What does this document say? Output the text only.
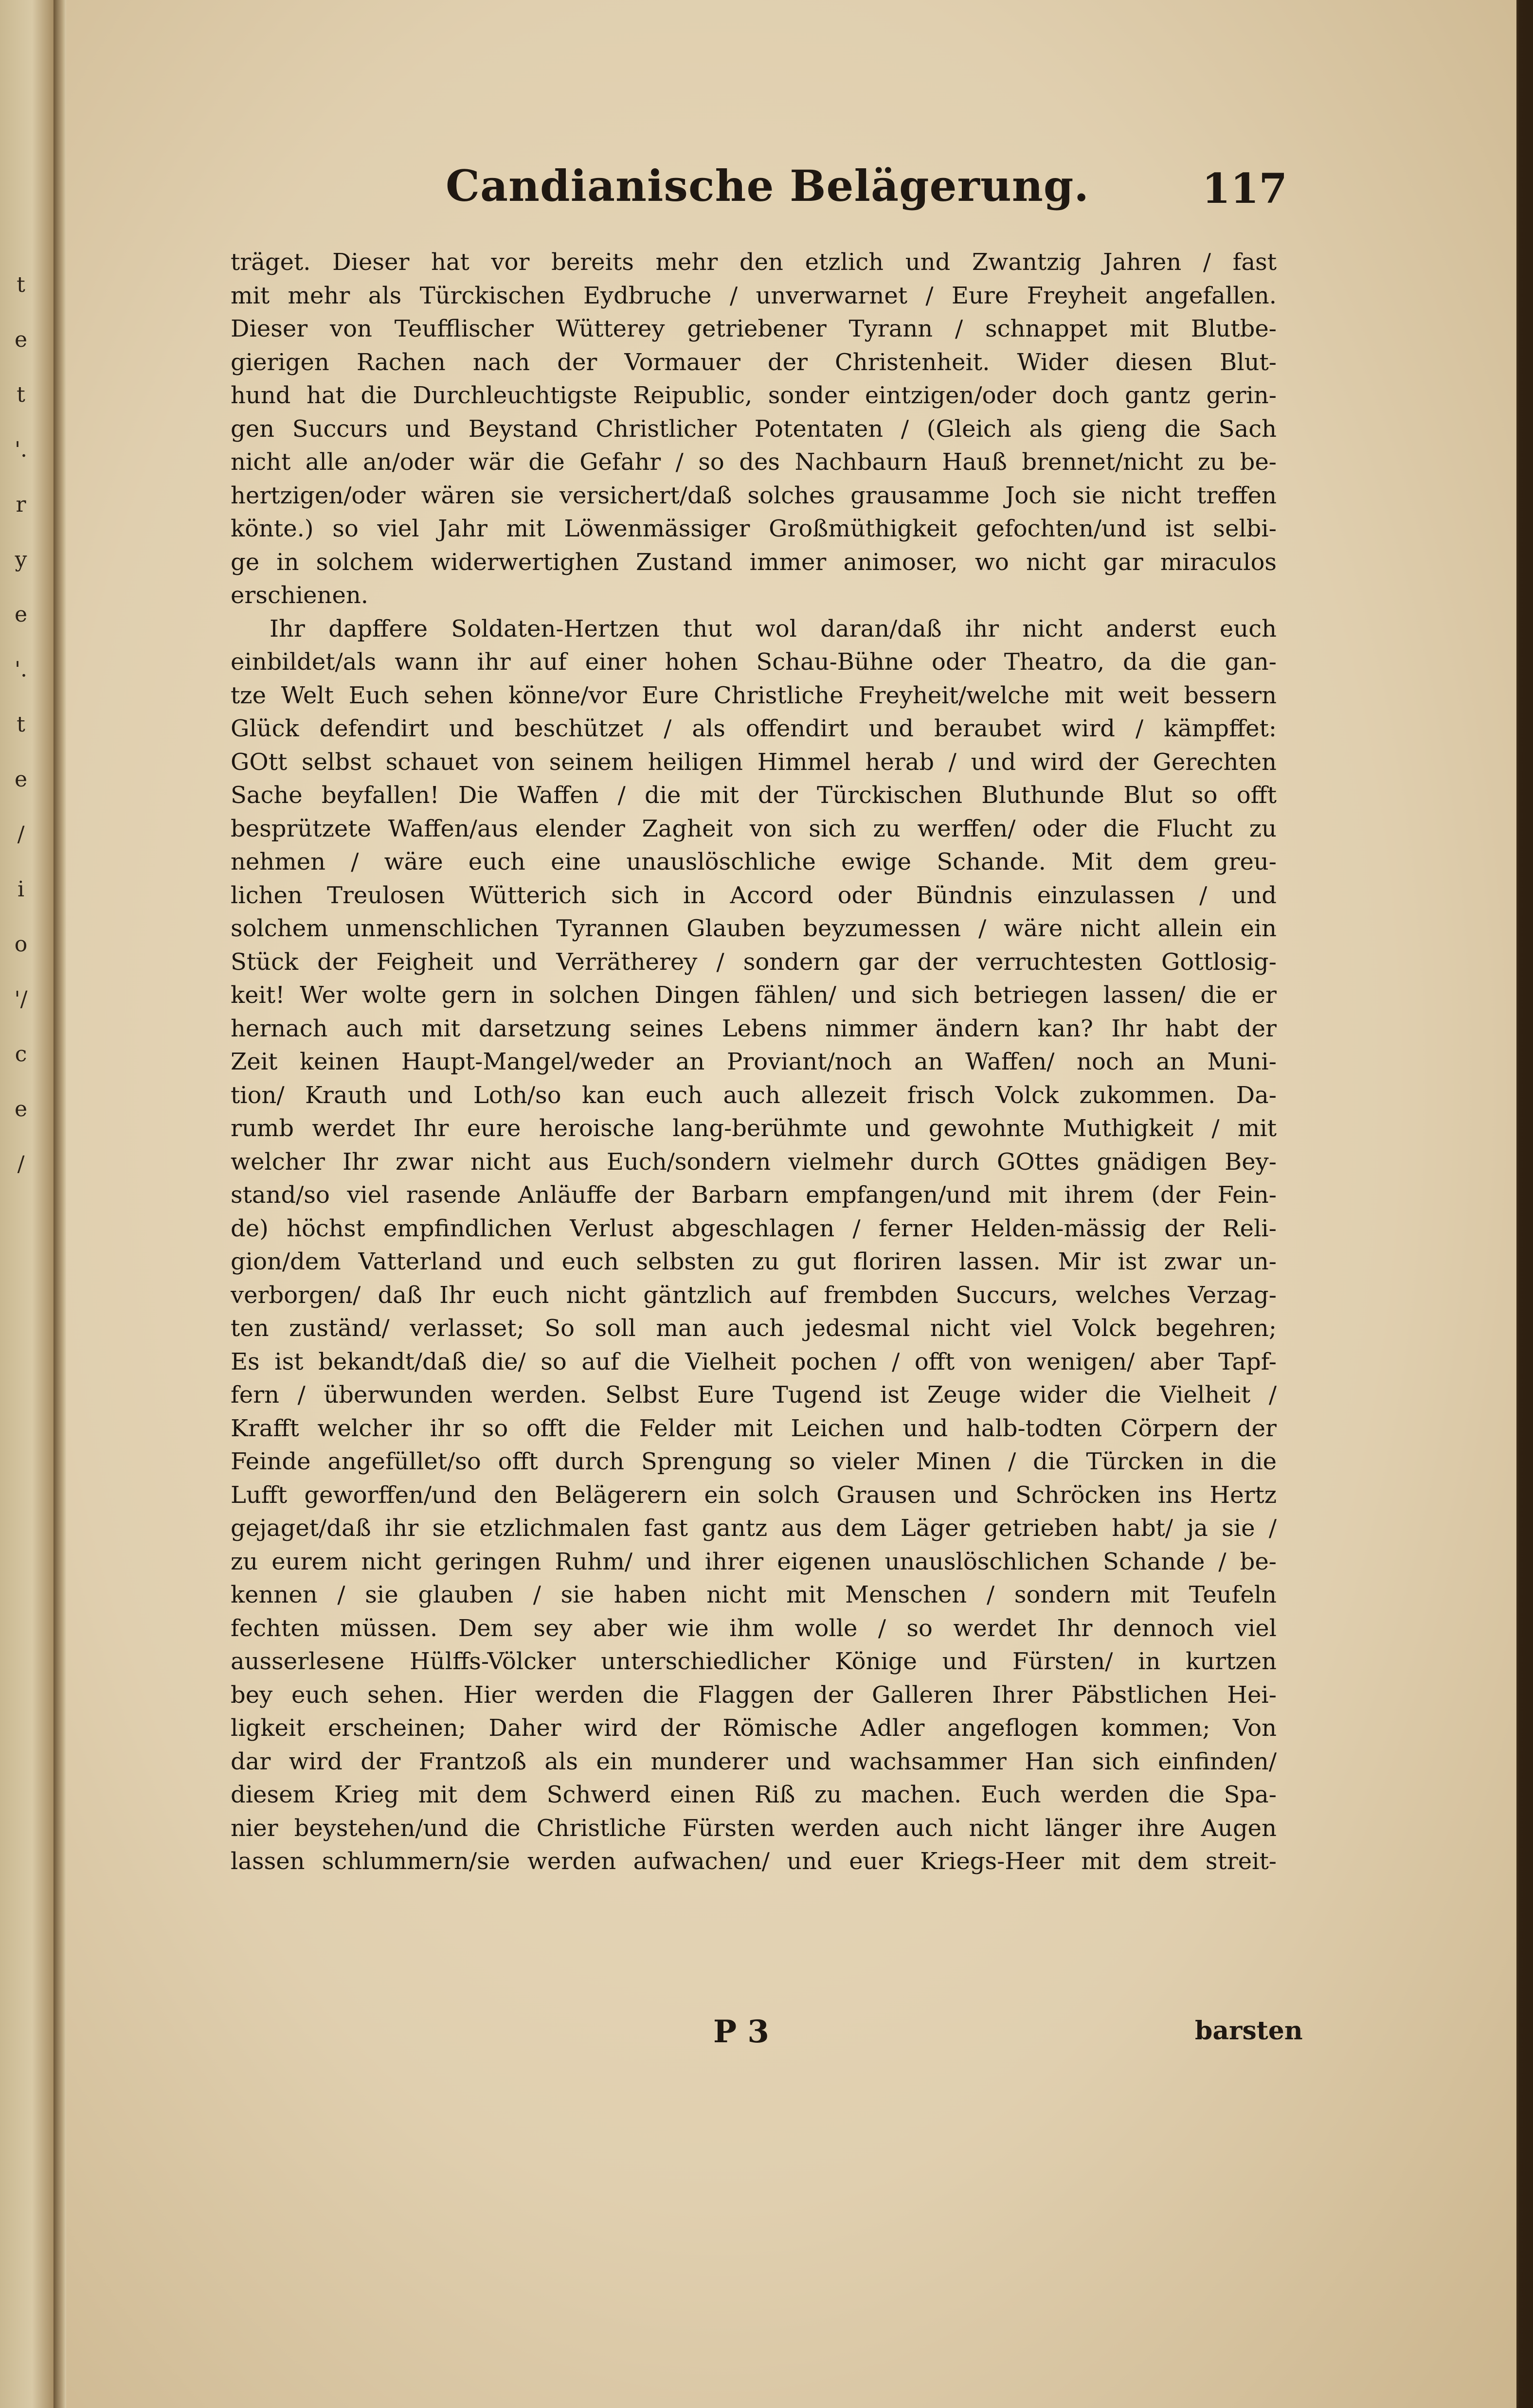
t
e
t
'.
r
y
e
'.
t
e
/
i
o
'/
c
e
/
Candianische Belägerung.	117
träget. Dieser hat vor bereits mehr den etzlich und Zwantzig Jahren / fast
mit mehr als Türckischen Eydbruche / unverwarnet / Eure Freyheit angefallen.
Dieser von Teufflischer Wütterey getriebener Tyrann / schnappet mit Blutbe-
gierigen Rachen nach der Vormauer der Christenheit. Wider diesen Blut-
hund hat die Durchleuchtigste Reipublic, sonder eintzigen/oder doch gantz gerin-
gen Succurs und Beystand Christlicher Potentaten / (Gleich als gieng die Sach
nicht alle an/oder wär die Gefahr / so des Nachbaurn Hauß brennet/nicht zu be-
hertzigen/oder wären sie versichert/daß solches grausamme Joch sie nicht treffen
könte.) so viel Jahr mit Löwenmässiger Großmüthigkeit gefochten/und ist selbi-
ge in solchem widerwertighen Zustand immer animoser, wo nicht gar miraculos
erschienen.
Ihr dapffere Soldaten-Hertzen thut wol daran/daß ihr nicht anderst euch
einbildet/als wann ihr auf einer hohen Schau-Bühne oder Theatro, da die gan-
tze Welt Euch sehen könne/vor Eure Christliche Freyheit/welche mit weit bessern
Glück defendirt und beschützet / als offendirt und beraubet wird / kämpffet:
GOtt selbst schauet von seinem heiligen Himmel herab / und wird der Gerechten
Sache beyfallen! Die Waffen / die mit der Türckischen Bluthunde Blut so offt
besprützete Waffen/aus elender Zagheit von sich zu werffen/ oder die Flucht zu
nehmen / wäre euch eine unauslöschliche ewige Schande. Mit dem greu-
lichen Treulosen Wütterich sich in Accord oder Bündnis einzulassen / und
solchem unmenschlichen Tyrannen Glauben beyzumessen / wäre nicht allein ein
Stück der Feigheit und Verrätherey / sondern gar der verruchtesten Gottlosig-
keit! Wer wolte gern in solchen Dingen fählen/ und sich betriegen lassen/ die er
hernach auch mit darsetzung seines Lebens nimmer ändern kan? Ihr habt der
Zeit keinen Haupt-Mangel/weder an Proviant/noch an Waffen/ noch an Muni-
tion/ Krauth und Loth/so kan euch auch allezeit frisch Volck zukommen. Da-
rumb werdet Ihr eure heroische lang-berühmte und gewohnte Muthigkeit / mit
welcher Ihr zwar nicht aus Euch/sondern vielmehr durch GOttes gnädigen Bey-
stand/so viel rasende Anläuffe der Barbarn empfangen/und mit ihrem (der Fein-
de) höchst empfindlichen Verlust abgeschlagen / ferner Helden-mässig der Reli-
gion/dem Vatterland und euch selbsten zu gut floriren lassen. Mir ist zwar un-
verborgen/ daß Ihr euch nicht gäntzlich auf frembden Succurs, welches Verzag-
ten zuständ/ verlasset; So soll man auch jedesmal nicht viel Volck begehren;
Es ist bekandt/daß die/ so auf die Vielheit pochen / offt von wenigen/ aber Tapf-
fern / überwunden werden. Selbst Eure Tugend ist Zeuge wider die Vielheit /
Krafft welcher ihr so offt die Felder mit Leichen und halb-todten Cörpern der
Feinde angefüllet/so offt durch Sprengung so vieler Minen / die Türcken in die
Lufft geworffen/und den Belägerern ein solch Grausen und Schröcken ins Hertz
gejaget/daß ihr sie etzlichmalen fast gantz aus dem Läger getrieben habt/ ja sie /
zu eurem nicht geringen Ruhm/ und ihrer eigenen unauslöschlichen Schande / be-
kennen / sie glauben / sie haben nicht mit Menschen / sondern mit Teufeln
fechten müssen. Dem sey aber wie ihm wolle / so werdet Ihr dennoch viel
ausserlesene Hülffs-Völcker unterschiedlicher Könige und Fürsten/ in kurtzen
bey euch sehen. Hier werden die Flaggen der Galleren Ihrer Päbstlichen Hei-
ligkeit erscheinen; Daher wird der Römische Adler angeflogen kommen; Von
dar wird der Frantzoß als ein munderer und wachsammer Han sich einfinden/
diesem Krieg mit dem Schwerd einen Riß zu machen. Euch werden die Spa-
nier beystehen/und die Christliche Fürsten werden auch nicht länger ihre Augen
lassen schlummern/sie werden aufwachen/ und euer Kriegs-Heer mit dem streit-
P 3	barsten
